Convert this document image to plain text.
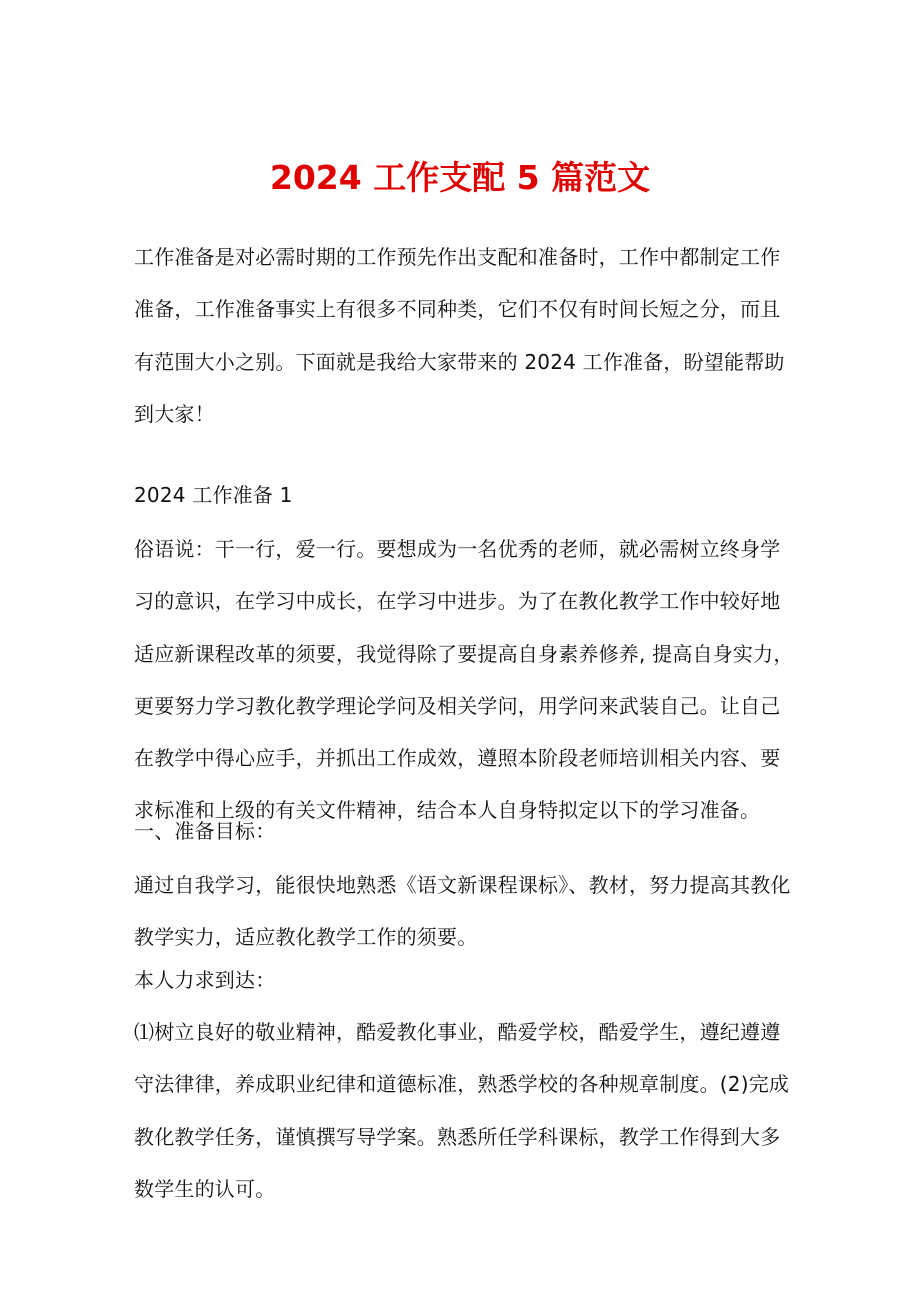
2024 工作支配 5 篇范文

工作准备是对必需时期的工作预先作出支配和准备时，工作中都制定工作准备，工作准备事实上有很多不同种类，它们不仅有时间长短之分，而且有范围大小之别。下面就是我给大家带来的 2024 工作准备，盼望能帮助到大家！

2024 工作准备 1

俗语说：干一行，爱一行。要想成为一名优秀的老师，就必需树立终身学习的意识，在学习中成长，在学习中进步。为了在教化教学工作中较好地适应新课程改革的须要，我觉得除了要提高自身素养修养, 提高自身实力，更要努力学习教化教学理论学问及相关学问，用学问来武装自己。让自己在教学中得心应手，并抓出工作成效，遵照本阶段老师培训相关内容、要求标准和上级的有关文件精神，结合本人自身特拟定以下的学习准备。

一、准备目标：

通过自我学习，能很快地熟悉《语文新课程课标》、教材，努力提高其教化教学实力，适应教化教学工作的须要。

本人力求到达：

⑴树立良好的敬业精神，酷爱教化事业，酷爱学校，酷爱学生，遵纪遵遵守法律律，养成职业纪律和道德标准，熟悉学校的各种规章制度。(2)完成教化教学任务，谨慎撰写导学案。熟悉所任学科课标，教学工作得到大多数学生的认可。
